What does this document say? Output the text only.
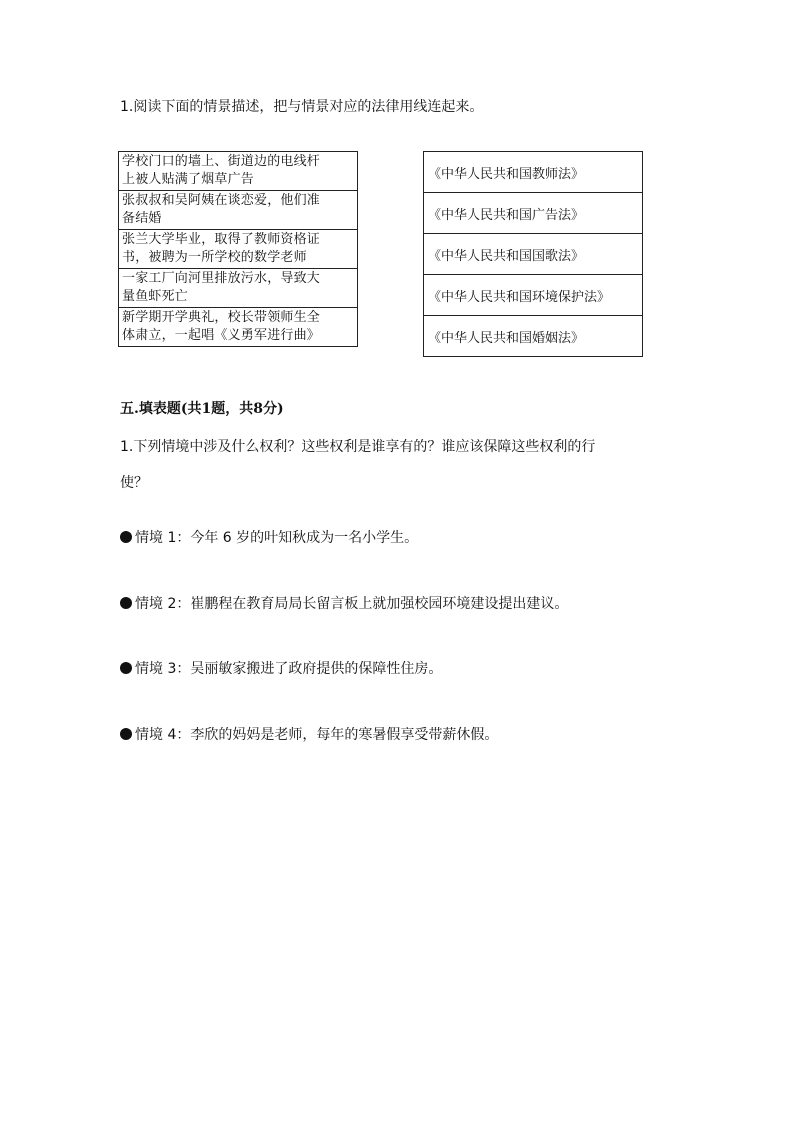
1.阅读下面的情景描述，把与情景对应的法律用线连起来。
学校门口的墙上、街道边的电线杆
上被人贴满了烟草广告

张叔叔和吴阿姨在谈恋爱，他们准
备结婚

张兰大学毕业，取得了教师资格证
书，被聘为一所学校的数学老师

一家工厂向河里排放污水，导致大
量鱼虾死亡

新学期开学典礼，校长带领师生全
体肃立，一起唱《义勇军进行曲》
《中华人民共和国教师法》
《中华人民共和国广告法》
《中华人民共和国国歌法》
《中华人民共和国环境保护法》
《中华人民共和国婚姻法》
五.填表题(共1题，共8分)
1.下列情境中涉及什么权利？这些权利是谁享有的？谁应该保障这些权利的行
使？
情境 1：今年 6 岁的叶知秋成为一名小学生。
情境 2：崔鹏程在教育局局长留言板上就加强校园环境建设提出建议。
情境 3：吴丽敏家搬进了政府提供的保障性住房。
情境 4：李欣的妈妈是老师，每年的寒暑假享受带薪休假。
